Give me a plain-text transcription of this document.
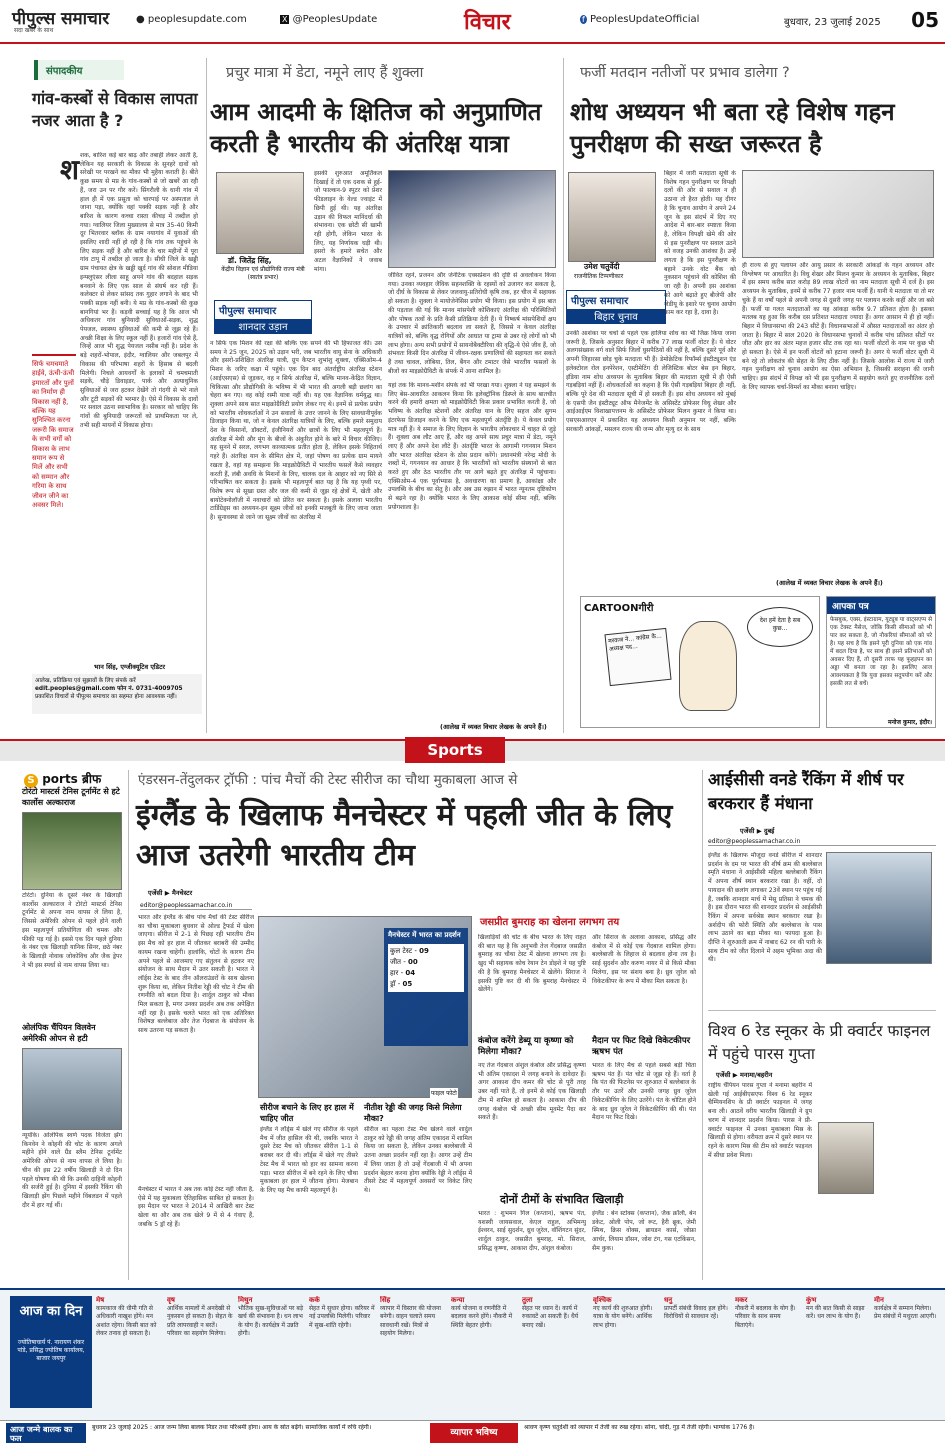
पीपुल्स समाचार
सदा खबर के साथ
● peoplesupdate.com	X @PeoplesUpdate	विचार	f PeoplesUpdateOfficial	बुधवार, 23 जुलाई 2025 05
संपादकीय
गांव-कस्बों से विकास लापता नजर आता है ?
श शक, बारिश कई बार बाढ़ और तबाही लेकर आती है, लेकिन यह सरकारी के विकास के सुनहरे दावों को सरेखी पर परखने का मौका भी मुहैया कराती है। बीते कुछ समय से मप्र के गांव-कस्बों से जो खबरें आ रही हैं, जरा उन पर गौर करें। सिंगरौली के धानी गांव में हाल ही में एक प्रसूता को चारपाई पर अस्पताल ले जाना पड़ा, क्योंकि वहां पक्की सड़क नहीं है और बारिश के कारण कच्चा रास्ता कीचड़ में तब्दील हो गया। ग्वालियर जिला मुख्यालय से मात्र 35-40 किमी दूर भितरवार ब्लॉक के ग्राम नयागांव में युवाओं की इसलिए शादी नहीं हो रही है कि गांव तक पहुंचने के लिए सड़क नहीं है और बारिश के चार महीनों में पूरा गांव टापू में तब्दील हो जाता है। सीधी जिले के खड्डी ग्राम पंचायत क्षेत्र के खड्डी खुर्द गांव की सोशल मीडिया इन्फ्लुएंसर लीला साहू अपने गांव की बदहाल सड़क बनवाने के लिए एक साल से संघर्ष कर रही हैं। कलेक्टर से लेकर सांसद तक गुहार लगाने के बाद भी पक्की सड़क नहीं बनी। ये मप्र के गांव-कस्बों की कुछ बानगियां भर हैं। कड़वी सच्चाई यह है कि आज भी अधिकतर गांव बुनियादी सुविधाओं-सड़क, शुद्ध पेयजल, स्वास्थ्य सुविधाओं की कमी से जूझ रहे हैं। अच्छी शिक्षा के लिए स्कूल नहीं हैं। हजारों गांव ऐसे हैं, जिन्हें आज भी शुद्ध पेयजल नसीब नहीं है। प्रदेश के बड़े शहरों-भोपाल, इंदौर, ग्वालियर और जबलपुर में विकास की परिभाषा शहरों के हिसाब से बदली मिलेगी। निचले आयवर्गों के इलाकों में चमचमाती सड़कें, चौड़े डिवाइडर, पार्क और अत्याधुनिक सुविधाओं से जरा हटकर देखेंगे तो गंदगी से भरे नाले और टूटी सड़कों की भरमार है। ऐसे में विकास के दावों पर सवाल उठना स्वाभाविक है। सरकार को चाहिए कि गांवों की बुनियादी जरूरतों को प्राथमिकता पर ले, तभी सही मायनों में विकास होगा।
सिर्फ चमचमाते हाईवे, ऊंची-ऊंची इमारतों और पुलों का निर्माण ही विकास नहीं है, बल्कि यह सुनिश्चित करना जरूरी कि समाज के सभी वर्गों को विकास के लाभ समान रूप से मिलें और सभी को सम्मान और गरिमा के साथ जीवन जीने का अवसर मिले।
भान सिंह, एग्जीक्यूटिव एडिटर
आलेख, प्रतिक्रिया एवं सुझावों के लिए संपर्क करें
edit.peoples@gmail.com फोन नं. 0731-4009705
प्रकाशित विचारों से पीपुल्स समाचार का सहमत होना आवश्यक नहीं।
प्रचुर मात्रा में डेटा, नमूने लाए हैं शुक्ला
आम आदमी के क्षितिज को अनुप्राणित करती है भारतीय की अंतरिक्ष यात्रा
डॉ. जितेंद्र सिंह,
केंद्रीय विज्ञान एवं प्रौद्योगिकी राज्य मंत्री (स्वतंत्र प्रभार)
पीपुल्स समाचार
शानदार उड़ान
इसकी शुरुआत अमूर्तिकल दिखाई दें तो एक दशक से हुई-जो फाल्कन-9 स्पुटर को प्रेशर फीडलाइन के वेल्ड ज्वाइंट में छिपी हुई थी। यह अंतरिक्ष उड़ान की विफल मानिंदर्धा की संभावना। एक छोटी सी खामी रही होगी, लेकिन भारत के लिए, यह निर्णायक घड़ी थी। इसरो के हमारे सचेत और अटल वैज्ञानिकों ने जवाब मांगा।
न सिर्फ एक मिशन की रक्षा की बल्कि एक सपने की भी हिफाजत की। उस समय ने 25 जून, 2025 को उड़ान भरी, जब भारतीय वायु सेना के अधिकारी और इसरो-प्रशिक्षित अंतरिक्ष यात्री, ग्रुप कैप्टन शुभांशु शुक्ला, एक्सिओम-4 मिशन के जरिए कक्षा में पहुंचे। एक दिन बाद अंतर्राष्ट्रीय अंतरिक्ष स्टेशन (आईएसएस) से जुड़कर, वह न सिर्फ अंतरिक्ष में, बल्कि मानव-केंद्रित विज्ञान, चिकित्सा और प्रौद्योगिकी के भविष्य में भी भारत की अगली बड़ी छलांग का चेहरा बन गए। वह कोई रस्मी यात्रा नहीं थी। यह एक वैज्ञानिक धर्मयुद्ध था। शुक्ला अपने साथ सात माइक्रोग्रैविटी प्रयोग लेकर गए थे। इनमें से प्रत्येक प्रयोग को भारतीय शोधकर्ताओं ने उन सवालों के उत्तर जानने के लिए सावधानीपूर्वक डिजाइन किया था, जो न केवल अंतरिक्ष यात्रियों के लिए, बल्कि हमारे समुदाय देश के किसानों, डॉक्टरों, इंजीनियरों और छात्रों के लिए भी महत्वपूर्ण हैं। अंतरिक्ष में मेथी और मूंग के बीजों के अंकुरित होने के बारे में विचार कीजिए। यह सुनने में सरल, लगभग काव्यात्मक प्रतीत होता है, लेकिन इसके निहितार्थ गहरे हैं। अंतरिक्ष यान के सीमित क्षेत्र में, जहां पोषण का प्रत्येक ग्राम मायने रखता है, वहां यह समझना कि माइक्रोग्रैविटी में भारतीय फसलें कैसे व्यवहार करती हैं, लंबी अवधि के मिशनों के लिए, चालक दल के आहार को नए सिरे से परिभाषित कर सकता है। इसके भी महत्वपूर्ण बात यह है कि यह पृथ्वी पर, विशेष रूप से सूखा ग्रस्त और जल की कमी से जूझ रहे क्षेत्रों में, खेती और बायोटेक्नोलॉजी में नवाचारों को प्रेरित कर सकता है। इसके अलावा भारतीय टार्डिग्रेड्स का अध्ययन-इन सूक्ष्म जीवों को इनकी मजबूती के लिए जाना जाता है। सुनावस्था से जाने जा सूक्ष्म जीवों का अंतरिक्ष में
जीवित रहने, प्रजनन और जेनेटिक एक्सप्रेशन की दृष्टि से अवलोकन किया गया। उनका व्यवहार जैविक सहनशक्ति के रहस्यों को उजागर कर सकता है, जो दीर्घ के विकास से लेकर जलवायु-प्रतिरोधी कृषि तक, हर चीज में सहायक हो सकता है। शुक्ला ने मायोजेनेसिस प्रयोग भी किया। इस प्रयोग में इस बात की पड़ताल की गई कि मानव मांसपेशी कोशिकाएं अंतरिक्ष की परिस्थितियों और पोषक तत्वों के प्रति कैसी प्रतिक्रिया देती हैं। ये निष्कर्ष मांसपेशियों क्षय के उपचार में क्रांतिकारी बदलाव ला सकते हैं, जिससे न केवल अंतरिक्ष यात्रियों को, बल्कि वृद्ध रोगियों और आघात या ट्रामा से उबर रहे लोगों को भी लाभ होगा। अन्य सभी प्रयोगों में सायनोबैक्टीरिया की वृद्धि-ये ऐसे जीव हैं, जो संभवतः किसी दिन अंतरिक्ष में जीवन-रक्षक प्रणालियों की सहायता कर सकते हैं तथा चावल, लोबिया, तिल, बैंगन और टमाटर जैसे भारतीय फसलों के बीजों का माइक्रोग्रैविटी के संपर्क में आना शामिल है।
यहां तक कि मानव-मशीन संपर्क को भी परखा गया। शुक्ला ने यह समझने के लिए बेस-आधारित आकलन किया कि इलेक्ट्रॉनिक डिस्प्ले के साथ बातचीत करने की हमारी क्षमता को माइक्रोग्रैविटी किस प्रकार प्रभावित करती है, जो भविष्य के अंतरिक्ष स्टेशनों और अंतरिक्ष यान के लिए सहज और सुगम इंटरफेस डिजाइन करने के लिए एक महत्वपूर्ण अंतर्दृष्टि है। ये केवल प्रयोग मात्र नहीं हैं। ये समाज के लिए विज्ञान के भारतीय लोकाचार में चाहत से जुड़े हैं। शुक्ला अब लौट आए हैं, और वह अपने साथ प्रचुर मात्रा में डेटा, नमूने लाए हैं और अपने देश लौटे हैं। अंतर्दृष्टि भारत के आगामी गगनयान मिशन और भारत अंतरिक्ष स्टेशन के ठोस प्रदान करेंगे। प्रधानमंत्री नरेन्द्र मोदी के शब्दों में, गगनयान का आधार है कि भारतीयों को भारतीय संस्थानों से बात करते हुए और ठेठ भारतीय तौर पर आगे बढ़ते हुए अंतरिक्ष में पहुंचाना। एक्सिओम-4 एक पूर्वाभ्यास है, अवधारणा का प्रमाण है, आकांक्षा और उपलब्धि के बीच का सेतु है। और अब उस रुझान में भारत न्यूनतम दृष्टिकोण से बढ़ने रहा है। क्योंकि भारत के लिए आकाश कोई सीमा नहीं, बल्कि प्रयोगशाला है।
(आलेख में व्यक्त विचार लेखक के अपने हैं।)
फर्जी मतदान नतीजों पर प्रभाव डालेगा ?
शोध अध्ययन भी बता रहे विशेष गहन पुनरीक्षण की सख्त जरूरत है
उमेश चतुर्वेदी
राजनीतिक टिप्पणीकार
पीपुल्स समाचार
बिहार चुनाव
बिहार में जारी मतदाता सूची के विशेष गहन पुनरीक्षण पर विपक्षी दलों की ओर से सवाल न ही उठाना तो हैरत होती। यह दीगर है कि चुनाव आयोग ने अपने 24 जून के इस संदर्भ में दिए गए आदेश में बार-बार स्पष्टता किया है, लेकिन विपक्षी खेमे की ओर से इस पुनरीक्षण पर सवाल उठने को वजह उनकी आशंका है। उन्हें लगता है कि इस पुनरीक्षण के बहाने उनके वोट बैंक को नुकसान पहुंचाने की कोशिश की जा रही है। अपनी इस आशंका को आगे बढ़ाते हुए बीजेपी और जेडीयू के इशारे पर चुनाव आयोग काम कर रहा है, दावा है।
उनकी आशंका पर चर्चा से पहले एक हालिया शोध का भी जिक्र किया जाना जरूरी है, जिसके अनुसार बिहार में करीब 77 लाख फर्जी वोटर हैं। ये वोटर अलगसंख्यक वर्ग वाले सिर्फ जिलों घुसपैठियों की नहीं है, बल्कि दूसरे पूर्व और अपनी जिहारसा छोड़ चुके मतदाता भी हैं। डेमोक्रेटिक रिफॉर्म्स इंस्टीट्यूशन एंड इलेक्टोरल रोल इनपेरेशन, एस्टीमेटिंग दी लेजिस्टिक बोटर बेस इन बिहार, इंडिया नाम शोध अध्ययन के मुताबिक बिहार की मतदाता सूची में ही ऐसी गड़बड़ियां नहीं हैं। शोधकर्ताओं का कहना है कि ऐसी गड़बड़ियां बिहार ही नहीं, बल्कि पूरे देश की मतदाता सूची में हो सकती हैं। इस शोध अध्ययन को मुंबई के एसपी जैन इंस्टीट्यूट ऑफ मैनेजमेंट के असिस्टेंट प्रोफेसर विधु शेखर और आईआईएम विशाखापत्तनम के असिस्टेंट प्रोफेसर मिलन कुमार ने किया था। एसएसआरएन में प्रकाशित यह अध्ययन किसी अनुमान पर नहीं, बल्कि सरकारी आंकड़ों, मसलन राज्य की जन्म और मृत्यु दर के साथ
ही राज्य से हुए पलायन और आयु प्रसार के सरकारी आंकड़ों के गहन अध्ययन और विश्लेषण पर आधारित है। विधु शेखर और मिलन कुमार के अध्ययन के मुताबिक, बिहार में इस समय करीब सात करोड़ 89 लाख वोटरों का नाम मतदाता सूची में दर्ज है। इस अध्ययन के मुताबिक, इनमें से करीब 77 हजार नाम फर्जी हैं। यानी ये मतदाता या तो मर चुके हैं या वर्षों पहले से अपनी जगह से दूसरी जगह पर पलायन करके कहीं और जा बसे हैं। फर्जी या गलत मतदाताओं का यह आंकड़ा करीब 9.7 प्रतिशत होता है। इसका मतलब यह हुआ कि करीब दस प्रतिशत मतदाता ज्यादा हैं। अगर आसान में ही हो नहीं। बिहार में विधानसभा की 243 सीटें हैं। विधानसभाओं में औसत मतदाताओं का अंतर हो जाता है। बिहार में साल 2020 के विधानसभा चुनावों में करीब पांच प्रतिशत सीटों पर जीत और हार का अंतर महज हजार सीट तक रहा था। फर्जी वोटरों के नाम पर कुछ भी हो सकता है। ऐसे में इन फर्जी वोटरों को हटाना जरूरी है। अगर ये फर्जी वोटर सूची में बने रहे तो लोकतंत्र की सेहत के लिए ठीक नहीं है। जिसके आलोक में राज्य में जारी गहन पुनरीक्षण को चुनाव आयोग का ऐसा अभियान है, जिसकी सराहना की जानी चाहिए। इस संदर्भ में विपक्ष को भी इस पुनरीक्षण में सहयोग करते हुए राजनीतिक दलों के लिए व्यापक चर्चा-विमर्श का मौका बनाना चाहिए।
(आलेख में व्यक्त विचार लेखक के अपने हैं।)
CARTOONगीरी
मरकज ने... कांग्रेस के... अध्यक्ष पद...
देश हमें देता है सब कुछ...
आपका पत्र
फेसबुक, एक्स, इंस्टाग्राम, यूट्यूब या वाट्सएप्प से एक टेक्स्ट मैसेज, जोकि किसी सीमाओं को भी पार कर सकता है, जो नौकरियां सीमाओं को परे है। यह सच है कि इसने पूरी दुनिया को एक गांव में बदल दिया है, पर साथ ही इसने प्रतिभाओं को अवसर दिए हैं, तो दूसरी तरफ यह फूहड़पन का अड्डा भी बनता जा रहा है। इसलिए आज आवश्यकता है कि युवा इसका सदुपयोग करें और इसकी लत से बचें।
मनोज कुमार, इंदौर।
Sports
S ports ब्रीफ
टोरंटो मास्टर्स टेनिस टूर्नामेंट से हटे कार्लोस अल्काराज
टोरंटो। दुनिया के दूसरे नंबर के खिलाड़ी कार्लोस अल्काराज ने टोरंटो मास्टर्स टेनिस टूर्नामेंट से अपना नाम वापस ले लिया है, जिससे अमेरिकी ओपन से पहले होने वाली इस महत्वपूर्ण प्रतियोगिता की चमक और फीकी पड़ गई है। इससे एक दिन पहले दुनिया के नंबर एक खिलाड़ी यानिक सिनर, छठे नंबर के खिलाड़ी नोवाक जोकोविच और जैक ड्रेपर ने भी इस स्पर्धा से नाम वापस लिया था।
ओलंपिक चैंपियन विलवेन अमेरिकी ओपन से हटी
न्यूयॉर्क। ओलंपिक स्वर्ण पदक विजेता झेंग किनवेन ने कोहनी की चोट के कारण अगले महीने होने वाले ग्रैंड स्लैम टेनिस टूर्नामेंट अमेरिकी ओपन से नाम वापस ले लिया है। चीन की इस 22 वर्षीय खिलाड़ी ने दो दिन पहले घोषणा की थी कि उनकी दाहिनी कोहनी की सर्जरी हुई है। दुनिया में इसकी रैंकिंग की खिलाड़ी झेंग पिछले महीने विंबलडन में पहले दौर में हार गई थीं।
एंडरसन-तेंदुलकर ट्रॉफी : पांच मैचों की टेस्ट सीरीज का चौथा मुकाबला आज से
इंग्लैंड के खिलाफ मैनचेस्टर में पहली जीत के लिए आज उतरेगी भारतीय टीम
एजेंसी ▶ मैनचेस्टर
editor@peoplessamachar.co.in
भारत और इंग्लैंड के बीच पांच मैचों की टेस्ट सीरीज का चौथा मुकाबला बुधवार से ओल्ड ट्रैफर्ड में खेला जाएगा। सीरीज में 2-1 से पिछड़ रही भारतीय टीम इस मैच को हर हाल में जीतकर बराबरी की उम्मीद कायम रखना चाहेगी। हालांकि, चोटों के कारण टीम अपने पहले से आजमाए गए संतुलन से हटकर नए संयोजन के साथ मैदान में उतर सकती है। भारत ने लॉर्ड्स टेस्ट के बाद तीन ऑलराउंडरों के साथ खेलना शुरू किया था, लेकिन नितीश रेड्डी की चोट ने टीम की रणनीति को बदल दिया है। शार्दुल ठाकुर को मौका मिल सकता है, मगर उनका प्रदर्शन अब तक अपेक्षित नहीं रहा है। इसके चलते भारत को एक अतिरिक्त विशेषज्ञ बल्लेबाज और तेज गेंदबाज के संयोजन के साथ उतरना पड़ सकता है।
मैनचेस्टर में भारत ने अब तक कोई टेस्ट नहीं जीता है, ऐसे में यह मुकाबला ऐतिहासिक साबित हो सकता है। इस मैदान पर भारत ने 2014 में आखिरी बार टेस्ट खेला था और अब तक खेले 9 में से 4 गंवाए हैं, जबकि 5 ड्रॉ रहे हैं।
मैनचेस्टर में भारत का प्रदर्शन
कुल टेस्ट - 09
जीत - 00
हार - 04
ड्रॉ - 05
फाइल फोटो
सीरीज बचाने के लिए हर हाल में चाहिए जीत
इंग्लैंड ने लॉर्ड्स में खेले गए सीरीज के पहले मैच में जीत हासिल की थी, जबकि भारत ने दूसरे टेस्ट मैच को जीतकर सीरीज 1-1 से बराबर कर दी थी। लॉर्ड्स में खेले गए तीसरे टेस्ट मैच में भारत को हार का सामना करना पड़ा। भारत सीरीज में बने रहने के लिए चौथा मुकाबला हर हाल में जीतना होगा। मेजबान के लिए यह मैच काफी महत्वपूर्ण है।
नीतीश रेड्डी की जगह किसे मिलेगा मौका?
सीरीज का पहला टेस्ट मैच खेलने वाले शार्दुल ठाकुर को रेड्डी की जगह अंतिम एकादश में शामिल किया जा सकता है, लेकिन उनका बल्लेबाजी में उतना अच्छा प्रदर्शन नहीं रहा है। आगर उन्हें टीम में लिया जाता है तो उन्हें गेंदबाजी में भी अपना प्रदर्शन बेहतर करना होगा क्योंकि रेड्डी ने लॉर्ड्स में तीसरे टेस्ट में महत्वपूर्ण अवसरों पर विकेट लिए थे।
जसप्रीत बुमराह का खेलना लगभग तय
खिलाड़ियों की चोट के बीच भारत के लिए राहत की बात यह है कि अनुभवी तेज गेंदबाज जसप्रीत बुमराह का चौथा टेस्ट में खेलना लगभग तय है। खुद भी सहायक कोच रेयान टेन डोइशे ने यह पुष्टि की है कि बुमराह मैनचेस्टर में खेलेंगे। सिराज ने इसकी पुष्टि कर दी थी कि बुमराह मैनचेस्टर में खेलेंगे।
और सिराज के अलावा आकाश, प्रसिद्ध और कंबोज में से कोई एक गेंदबाज शामिल होगा। बल्लेबाजी के लिहाज से बदलाव होना तय है। साई सुदर्शन और करुण नायर में से किसे मौका मिलेगा, इस पर संशय बना है। ध्रुव जुरेल को विकेटकीपर के रूप में मौका मिल सकता है।
कंबोज करेंगे डेब्यू या कृष्णा को मिलेगा मौका?
नए तेज गेंदबाज अंशुल कंबोज और प्रसिद्ध कृष्णा भी अंतिम एकादश में जगह बनाने के दावेदार हैं। अगर आकाश दीप कमर की चोट से पूरी तरह उबर नहीं पाते हैं, तो इनमें से कोई एक खिलाड़ी टीम में शामिल हो सकता है। आकाश दीप की जगह कंबोज भी अच्छी सीम मूवमेंट पैदा कर सकते हैं।
मैदान पर फिट दिखे विकेटकीपर ऋषभ पंत
भारत के लिए मैच से पहले सबसे बड़ी चिंता ऋषभ पंत हैं। पंत चोट से जूझ रहे हैं। वर्ता है कि पंत की फिटनेस पर शुरुआत में बल्लेबाज के तौर पर उतरें और उनकी जगह ध्रुव जुरेल विकेटकीपिंग के लिए उतरेंगे। पंत के चोटिल होने के बाद ध्रुव जुरेल ने विकेटकीपिंग की थी। पंत मैदान पर फिट दिखे।
दोनों टीमों के संभावित खिलाड़ी
भारत : शुभमन गिल (कप्तान), ऋषभ पंत, यशस्वी जायसवाल, केएल राहुल, अभिमन्यु ईश्वरन, साई सुदर्शन, ध्रुव जुरेल, वॉशिंगटन सुंदर, शार्दुल ठाकुर, जसप्रीत बुमराह, मो. सिराज, प्रसिद्ध कृष्णा, आकाश दीप, अंशुल कंबोज।
इंग्लैंड : बेन स्टोक्स (कप्तान), जैक क्रॉली, बेन डकेट, ओली पोप, जो रूट, हैरी ब्रूक, जेमी स्मिथ, क्रिस वोक्स, ब्रायडन कार्स, जोफ्रा आर्चर, लियाम डॉसन, जोश टंग, गस एटकिंसन, सैम कुक।
आईसीसी वनडे रैंकिंग में शीर्ष पर बरकरार हैं मंधाना
एजेंसी ▶ दुबई
editor@peoplessamachar.co.in
इंग्लैंड के खिलाफ मौजूदा वनडे सीरीज में शानदार प्रदर्शन के दम पर भारत की शीर्ष क्रम की बल्लेबाज स्मृति मंधाना ने आईसीसी महिला बल्लेबाजी रैंकिंग में अपना शीर्ष स्थान बरकरार रखा है। वहीं, दो पायदान की छलांग लगाकर 23वें स्थान पर पहुंच गई हैं, जबकि शानदार मार्च में मेसू प्रतिसा ने चमक की है। इस दौरान भारत की शानदार प्रदर्शन से आईसीसी रैंकिंग में अपना सर्वश्रेष्ठ स्थान बरकरार रखा है। अर्शदीप की फोरी स्थिति और बल्लेबाज के पास लाभ उठाने का बड़ा मौका था। फायदा हुआ है। दीप्ति ने शुरुआती क्रम में नाबाद 62 रन की पारी के साथ टीम को जीत दिलाने में अहम भूमिका अदा की थी।
विश्व 6 रेड स्नूकर के प्री क्वार्टर फाइनल में पहुंचे पारस गुप्ता
एजेंसी ▶ मनामा/बहरीन
राष्ट्रीय चैंपियन पारस गुप्ता ने मनामा बहरीन में खेली गई आईबीएसएफ विश्व 6 रेड स्नूकर चैम्पियनशिप के प्री क्वार्टर फाइनल में जगह बना ली। आठवें वरीय भारतीय खिलाड़ी ने ग्रुप चरण में शानदार प्रदर्शन किया। पारस ने प्री-क्वार्टर फाइनल में उनका मुकाबला मिस्र के खिलाड़ी से होगा। वरीयता क्रम में दूसरे स्थान पर रहने के कारण मिस्र की टीम को क्वार्टर फाइनल में सीधा प्रवेश मिला।
आज का दिन
ज्योतिषाचार्य पं. नारायण शंकर पांडे, प्रसिद्ध ज्योतिष कार्यालय, बाजार जयपुर
मेष
कामकाज की धीमी गति से अधिकारी नाखुश होंगे। मन अशांत रहेगा। किसी बात को लेकर तनाव हो सकता है।
वृष
आर्थिक मामलों में अनदेखी से नुकसान हो सकता है। सेहत के प्रति लापरवाही न बरतें। परिवार का सहयोग मिलेगा।
मिथुन
भौतिक सुख-सुविधाओं पर बड़े खर्च की संभावना है। धन लाभ के योग हैं। कार्यक्षेत्र में उन्नति होगी।
कर्क
सेहत में सुधार होगा। करियर में नई उपलब्धि मिलेगी। परिवार में सुख-शांति रहेगी।
सिंह
व्यापार में विस्तार की योजना बनेगी। वाहन चलाते समय सावधानी रखें। मित्रों से सहयोग मिलेगा।
कन्या
कार्य योजना व रणनीति में बदलाव करने होंगे। नौकरी में स्थिति बेहतर होगी।
तुला
सेहत पर ध्यान दें। कार्य में रुकावटें आ सकती हैं। धैर्य बनाए रखें।
वृश्चिक
नए कार्य की शुरुआत होगी। यात्रा के योग बनेंगे। आर्थिक लाभ होगा।
धनु
प्रापर्टी संबंधी विवाद हल होंगे। विरोधियों से सावधान रहें।
मकर
नौकरी में बदलाव के योग हैं। परिवार के साथ समय बिताएंगे।
कुंभ
मन की बात किसी से साझा करें। धन लाभ के योग हैं।
मीन
कार्यक्षेत्र में सम्मान मिलेगा। प्रेम संबंधों में मधुरता आएगी।
आज जन्मे बालक का फल
बुधवार 23 जुलाई 2025 : आज जन्म लिया बालक निडर तथा परिश्रमी होगा। आय के स्रोत बढ़ेंगे। सामाजिक कार्यों में रुचि रहेगी।
व्यापार भविष्य
श्रावण कृष्ण चतुर्दशी को व्यापार में तेजी का रुख रहेगा। सोना, चांदी, गुड़ में तेजी रहेगी। भाग्यांक 1776 है।
